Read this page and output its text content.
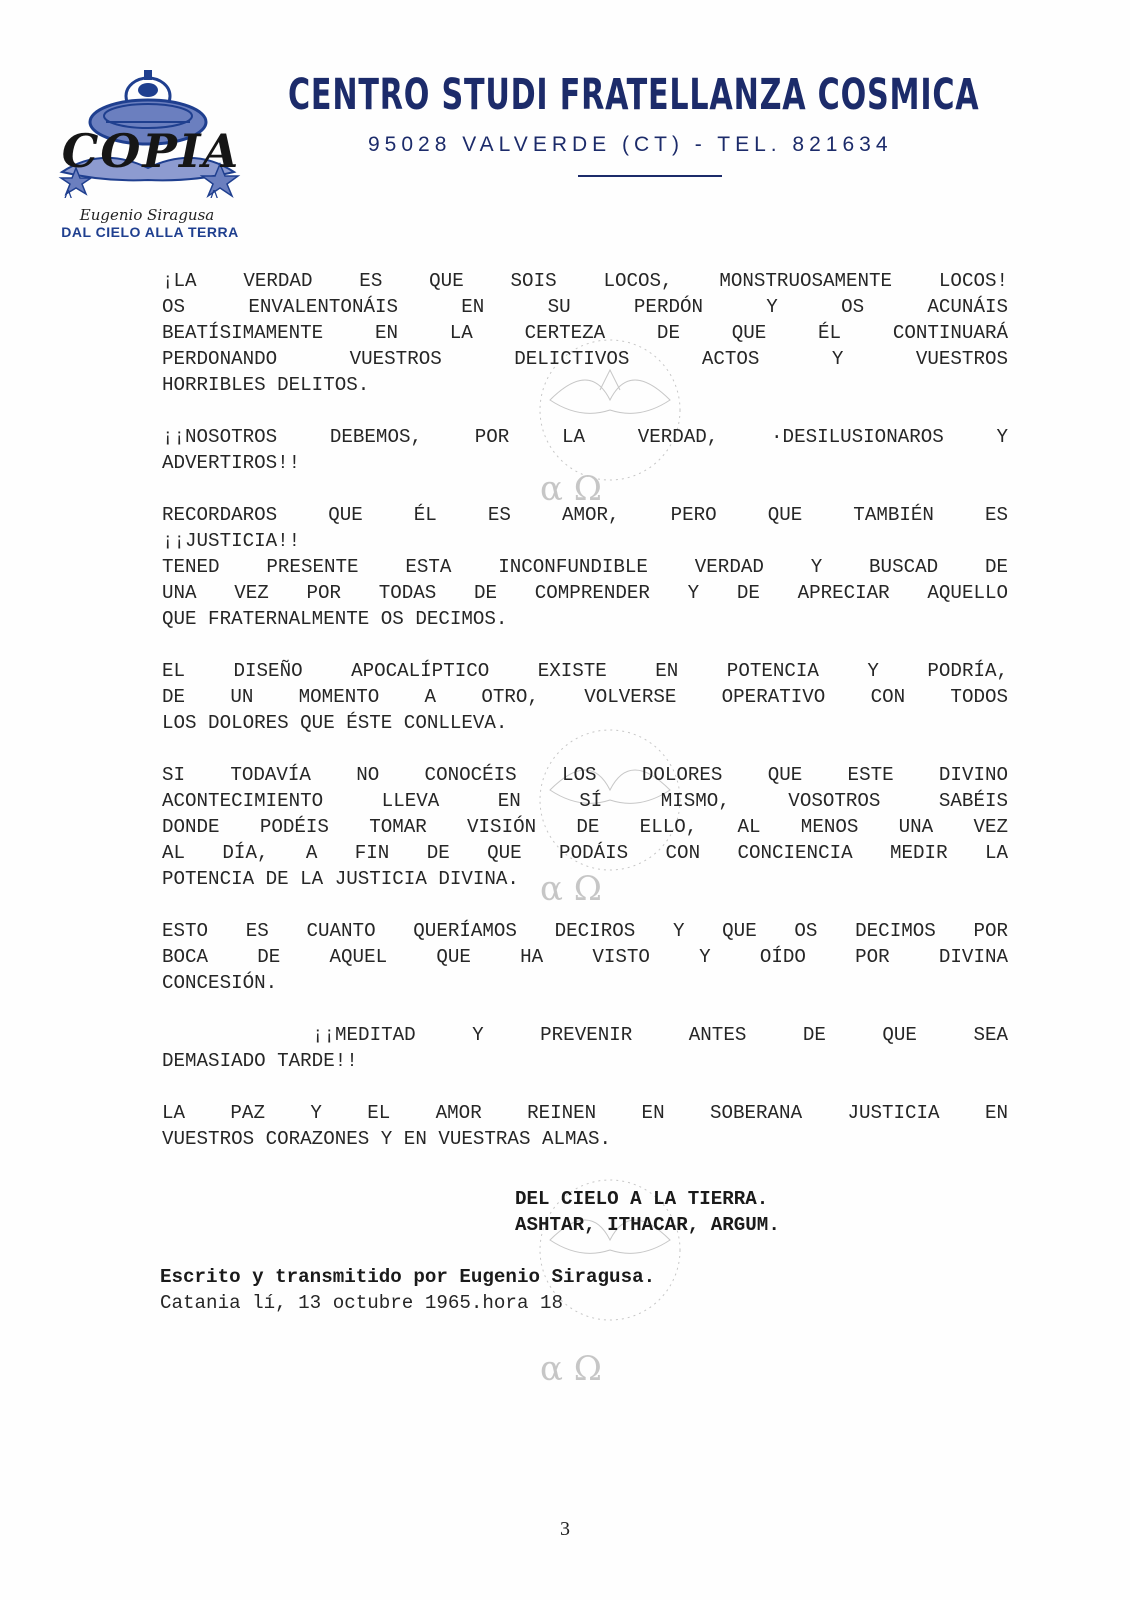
ᴧ	ᴧ
COPIA
Eugenio Siragusa
DAL CIELO ALLA TERRA
CENTRO STUDI FRATELLANZA COSMICA
95028 VALVERDE (CT) - TEL. 821634
α Ω
α Ω
α Ω

¡LA VERDAD ES QUE SOIS LOCOS, MONSTRUOSAMENTE LOCOS!
OS ENVALENTONÁIS EN SU PERDÓN Y OS ACUNÁIS
BEATÍSIMAMENTE EN LA CERTEZA DE QUE ÉL CONTINUARÁ
PERDONANDO VUESTROS DELICTIVOS ACTOS Y VUESTROS
HORRIBLES DELITOS.

¡¡NOSOTROS DEBEMOS, POR LA VERDAD, ·DESILUSIONAROS Y
ADVERTIROS!!

RECORDAROS QUE ÉL ES AMOR, PERO QUE TAMBIÉN ES
¡¡JUSTICIA!!
TENED PRESENTE ESTA INCONFUNDIBLE VERDAD Y BUSCAD DE
UNA VEZ POR TODAS DE COMPRENDER Y DE APRECIAR AQUELLO
QUE FRATERNALMENTE OS DECIMOS.

EL DISEÑO APOCALÍPTICO EXISTE EN POTENCIA Y PODRÍA,
DE UN MOMENTO A OTRO, VOLVERSE OPERATIVO CON TODOS
LOS DOLORES QUE ÉSTE CONLLEVA.

SI TODAVÍA NO CONOCÉIS LOS DOLORES QUE ESTE DIVINO
ACONTECIMIENTO LLEVA EN SÍ MISMO, VOSOTROS SABÉIS
DONDE PODÉIS TOMAR VISIÓN DE ELLO, AL MENOS UNA VEZ
AL DÍA, A FIN DE QUE PODÁIS CON CONCIENCIA MEDIR LA
POTENCIA DE LA JUSTICIA DIVINA.

ESTO ES CUANTO QUERÍAMOS DECIROS Y QUE OS DECIMOS POR
BOCA DE AQUEL QUE HA VISTO Y OÍDO POR DIVINA
CONCESIÓN.

¡¡MEDITAD Y PREVENIR ANTES DE QUE SEA
DEMASIADO TARDE!!

LA PAZ Y EL AMOR REINEN EN SOBERANA JUSTICIA EN
VUESTROS CORAZONES Y EN VUESTRAS ALMAS.

DEL CIELO A LA TIERRA.
ASHTAR, ITHACAR, ARGUM.
Escrito y transmitido por Eugenio Siragusa.
Catania lí, 13 octubre 1965.hora 18
3
